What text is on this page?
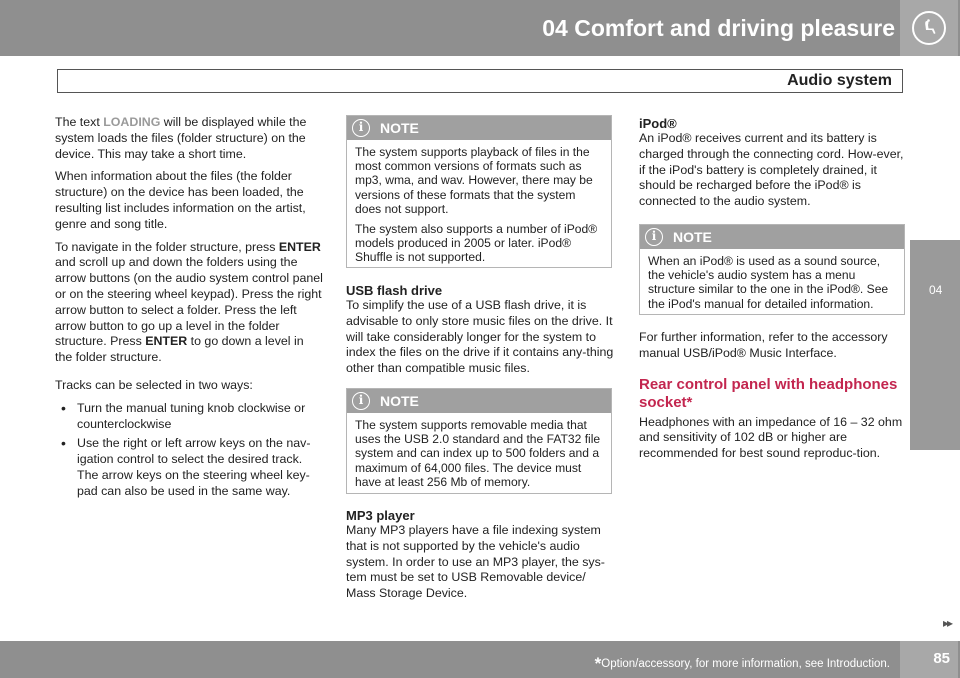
04 Comfort and driving pleasure
Audio system
04

The text LOADING will be displayed while the system loads the files (folder structure) on the device. This may take a short time.

When information about the files (the folder structure) on the device has been loaded, the resulting list includes information on the artist, genre and song title.

To navigate in the folder structure, press ENTER and scroll up and down the folders using the arrow buttons (on the audio system control panel or on the steering wheel keypad). Press the right arrow button to select a folder. Press the left arrow button to go up a level in the folder structure. Press ENTER to go down a level in the folder structure.

Tracks can be selected in two ways:

• Turn the manual tuning knob clockwise or counterclockwise
• Use the right or left arrow keys on the nav-igation control to select the desired track. The arrow keys on the steering wheel key-pad can also be used in the same way.
i	NOTE

The system supports playback of files in the most common versions of formats such as mp3, wma, and wav. However, there may be versions of these formats that the system does not support.

The system also supports a number of iPod® models produced in 2005 or later. iPod® Shuffle is not supported.

USB flash drive

To simplify the use of a USB flash drive, it is advisable to only store music files on the drive. It will take considerably longer for the system to index the files on the drive if it contains any-thing other than compatible music files.

i	NOTE

The system supports removable media that uses the USB 2.0 standard and the FAT32 file system and can index up to 500 folders and a maximum of 64,000 files. The device must have at least 256 Mb of memory.

MP3 player

Many MP3 players have a file indexing system that is not supported by the vehicle's audio system. In order to use an MP3 player, the sys-tem must be set to USB Removable device/ Mass Storage Device.

iPod®

An iPod® receives current and its battery is charged through the connecting cord. How-ever, if the iPod's battery is completely drained, it should be recharged before the iPod® is connected to the audio system.

i	NOTE

When an iPod® is used as a sound source, the vehicle's audio system has a menu structure similar to the one in the iPod®. See the iPod's manual for detailed information.

For further information, refer to the accessory manual USB/iPod® Music Interface.

Rear control panel with headphones socket*

Headphones with an impedance of 16 – 32 ohm and sensitivity of 102 dB or higher are recommended for best sound reproduc-tion.

▸▸
*Option/accessory, for more information, see Introduction.	85
